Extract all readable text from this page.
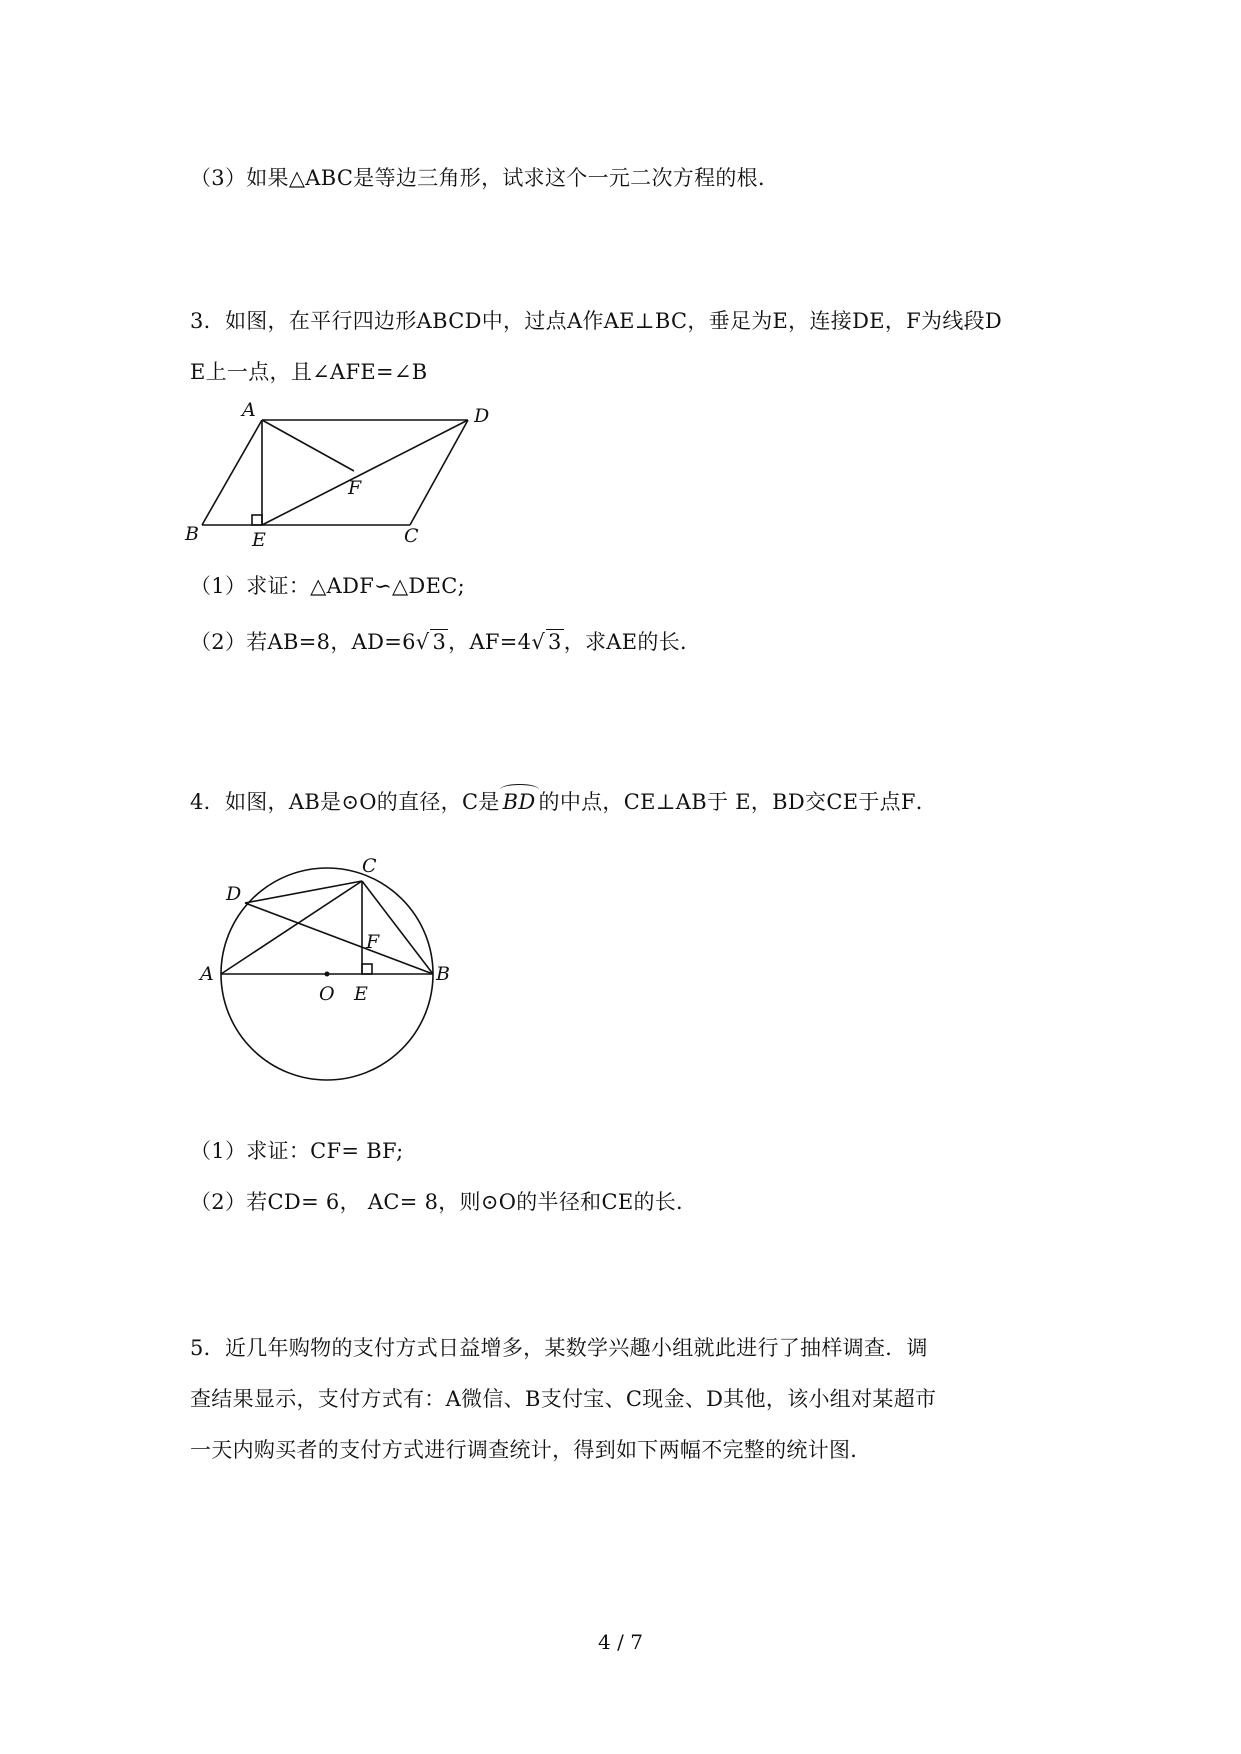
（3）如果△ABC是等边三角形，试求这个一元二次方程的根．
3．如图，在平行四边形ABCD中，过点A作AE⊥BC，垂足为E，连接DE，F为线段D
E上一点，且∠AFE=∠B
A	D
F
B	E	C
（1）求证：△ADF∽△DEC;
（2）若AB=8，AD=6√ 3，AF=4√ 3，求AE的长．
4．如图，AB是⊙O的直径，C是 BD 的中点，CE⊥AB于 E，BD交CE于点F．
C
D
F
A
O E
B
（1）求证：CF= BF;
（2）若CD= 6， AC= 8，则⊙O的半径和CE的长．
5．近几年购物的支付方式日益增多，某数学兴趣小组就此进行了抽样调查．调
查结果显示，支付方式有：A微信、B支付宝、C现金、D其他，该小组对某超市
一天内购买者的支付方式进行调查统计，得到如下两幅不完整的统计图．
4 / 7
